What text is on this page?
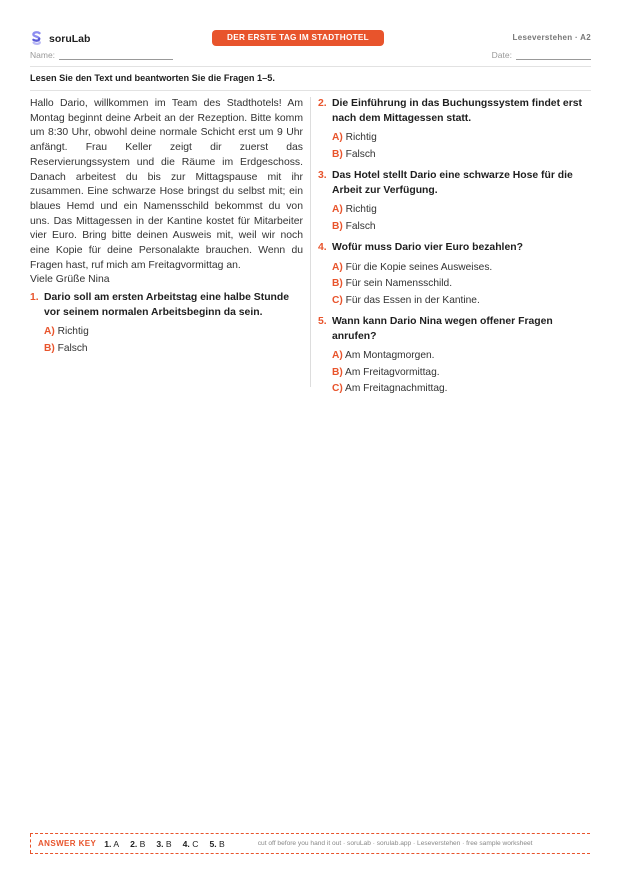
soruLab	DER ERSTE TAG IM STADTHOTEL	Leseverstehen · A2
Name:	Date:
Lesen Sie den Text und beantworten Sie die Fragen 1–5.
Hallo Dario, willkommen im Team des Stadthotels! Am Montag beginnt deine Arbeit an der Rezeption. Bitte komm um 8:30 Uhr, obwohl deine normale Schicht erst um 9 Uhr anfängt. Frau Keller zeigt dir zuerst das Reservierungssystem und die Räume im Erdgeschoss. Danach arbeitest du bis zur Mittagspause mit ihr zusammen. Eine schwarze Hose bringst du selbst mit; ein blaues Hemd und ein Namensschild bekommst du von uns. Das Mittagessen in der Kantine kostet für Mitarbeiter vier Euro. Bring bitte deinen Ausweis mit, weil wir noch eine Kopie für deine Personalakte brauchen. Wenn du Fragen hast, ruf mich am Freitagvormittag an.
Viele Grüße Nina
1. Dario soll am ersten Arbeitstag eine halbe Stunde vor seinem normalen Arbeitsbeginn da sein.
A) Richtig
B) Falsch
2. Die Einführung in das Buchungssystem findet erst nach dem Mittagessen statt.
A) Richtig
B) Falsch
3. Das Hotel stellt Dario eine schwarze Hose für die Arbeit zur Verfügung.
A) Richtig
B) Falsch
4. Wofür muss Dario vier Euro bezahlen?
A) Für die Kopie seines Ausweises.
B) Für sein Namensschild.
C) Für das Essen in der Kantine.
5. Wann kann Dario Nina wegen offener Fragen anrufen?
A) Am Montagmorgen.
B) Am Freitagvormittag.
C) Am Freitagnachmittag.
ANSWER KEY 1. A 2. B 3. B 4. C 5. B	cut off before you hand it out · soruLab · sorulab.app · Leseverstehen · free sample worksheet
